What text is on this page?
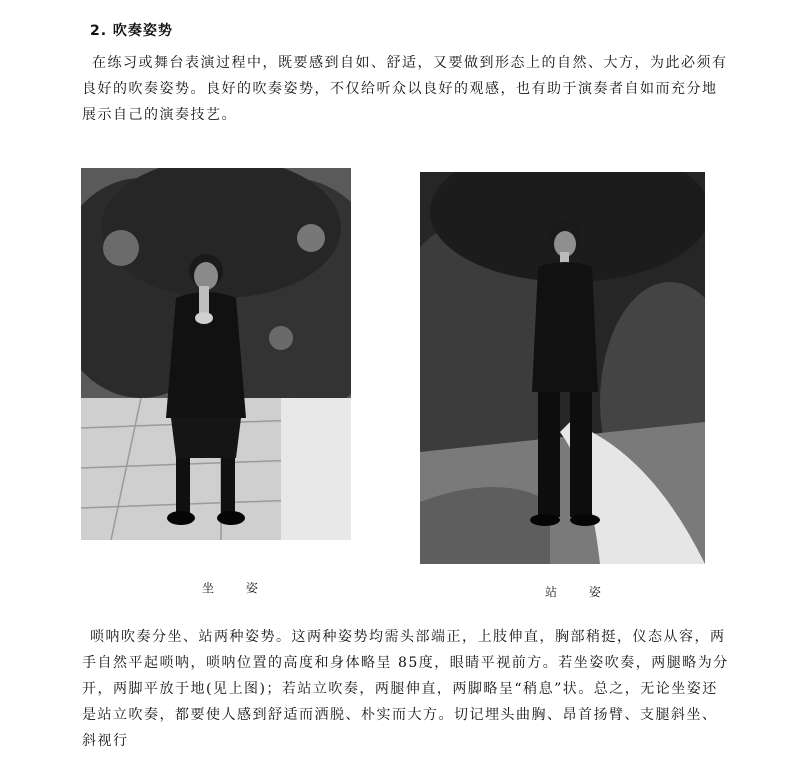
2. 吹奏姿势

在练习或舞台表演过程中，既要感到自如、舒适，又要做到形态上的自然、大方，为此必须有良好的吹奏姿势。良好的吹奏姿势，不仅给听众以良好的观感，也有助于演奏者自如而充分地展示自己的演奏技艺。

坐 姿	站 姿

唢呐吹奏分坐、站两种姿势。这两种姿势均需头部端正，上肢伸直，胸部稍挺，仪态从容，两手自然平起唢呐，唢呐位置的高度和身体略呈 85度，眼睛平视前方。若坐姿吹奏，两腿略为分开，两脚平放于地(见上图)；若站立吹奏，两腿伸直，两脚略呈“稍息”状。总之，无论坐姿还是站立吹奏，都要使人感到舒适而洒脱、朴实而大方。切记埋头曲胸、昂首扬臂、支腿斜坐、斜视行
